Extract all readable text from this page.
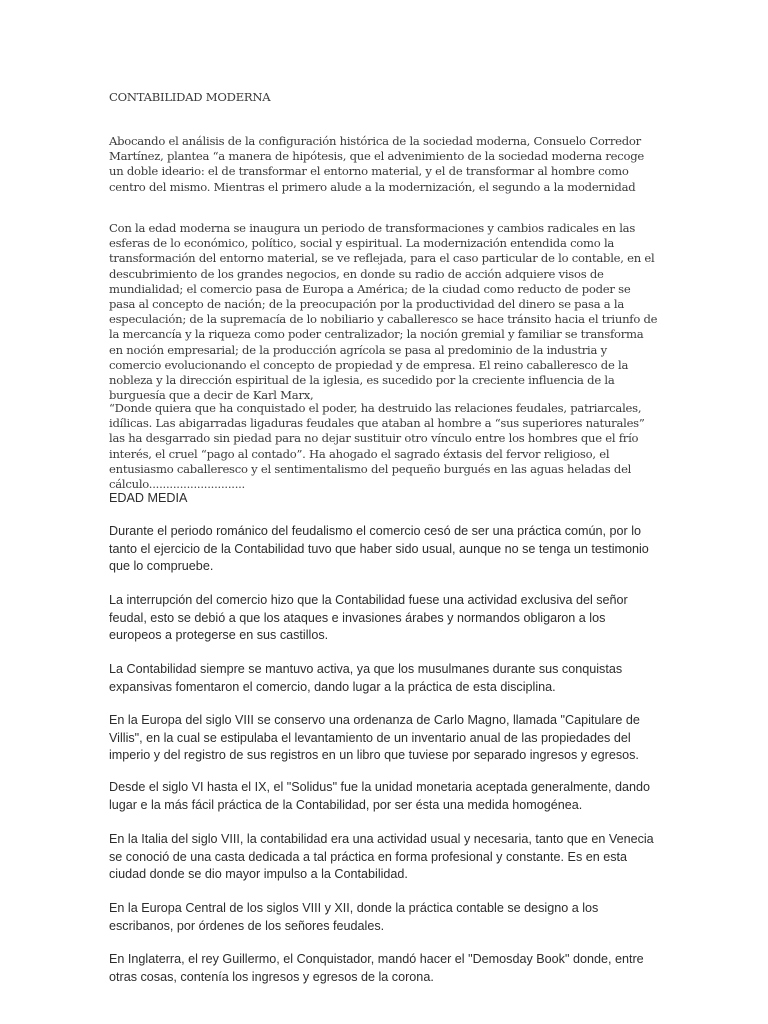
CONTABILIDAD MODERNA

Abocando el análisis de la configuración histórica de la sociedad moderna, Consuelo Corredor Martínez, plantea “a manera de hipótesis, que el advenimiento de la sociedad moderna recoge un doble ideario: el de transformar el entorno material, y el de transformar al hombre como centro del mismo. Mientras el primero alude a la modernización, el segundo a la modernidad

Con la edad moderna se inaugura un periodo de transformaciones y cambios radicales en las esferas de lo económico, político, social y espiritual. La modernización entendida como la transformación del entorno material, se ve reflejada, para el caso particular de lo contable, en el descubrimiento de los grandes negocios, en donde su radio de acción adquiere visos de mundialidad; el comercio pasa de Europa a América; de la ciudad como reducto de poder se pasa al concepto de nación; de la preocupación por la productividad del dinero se pasa a la especulación; de la supremacía de lo nobiliario y caballeresco se hace tránsito hacia el triunfo de la mercancía y la riqueza como poder centralizador; la noción gremial y familiar se transforma en noción empresarial; de la producción agrícola se pasa al predominio de la industria y comercio evolucionando el concepto de propiedad y de empresa. El reino caballeresco de la nobleza y la dirección espiritual de la iglesia, es sucedido por la creciente influencia de la burguesía que a decir de Karl Marx,

“Donde quiera que ha conquistado el poder, ha destruido las relaciones feudales, patriarcales, idílicas. Las abigarradas ligaduras feudales que ataban al hombre a “sus superiores naturales” las ha desgarrado sin piedad para no dejar sustituir otro vínculo entre los hombres que el frío interés, el cruel “pago al contado”. Ha ahogado el sagrado éxtasis del fervor religioso, el entusiasmo caballeresco y el sentimentalismo del pequeño burgués en las aguas heladas del cálculo............................

EDAD MEDIA

Durante el periodo románico del feudalismo el comercio cesó de ser una práctica común, por lo tanto el ejercicio de la Contabilidad tuvo que haber sido usual, aunque no se tenga un testimonio que lo compruebe.

La interrupción del comercio hizo que la Contabilidad fuese una actividad exclusiva del señor feudal, esto se debió a que los ataques e invasiones árabes y normandos obligaron a los europeos a protegerse en sus castillos.

La Contabilidad siempre se mantuvo activa, ya que los musulmanes durante sus conquistas expansivas fomentaron el comercio, dando lugar a la práctica de esta disciplina.

En la Europa del siglo VIII se conservo una ordenanza de Carlo Magno, llamada "Capitulare de Villis", en la cual se estipulaba el levantamiento de un inventario anual de las propiedades del imperio y del registro de sus registros en un libro que tuviese por separado ingresos y egresos.

Desde el siglo VI hasta el IX, el "Solidus" fue la unidad monetaria aceptada generalmente, dando lugar e la más fácil práctica de la Contabilidad, por ser ésta una medida homogénea.

En la Italia del siglo VIII, la contabilidad era una actividad usual y necesaria, tanto que en Venecia se conoció de una casta dedicada a tal práctica en forma profesional y constante. Es en esta ciudad donde se dio mayor impulso a la Contabilidad.

En la Europa Central de los siglos VIII y XII, donde la práctica contable se designo a los escribanos, por órdenes de los señores feudales.

En Inglaterra, el rey Guillermo, el Conquistador, mandó hacer el "Demosday Book" donde, entre otras cosas, contenía los ingresos y egresos de la corona.
